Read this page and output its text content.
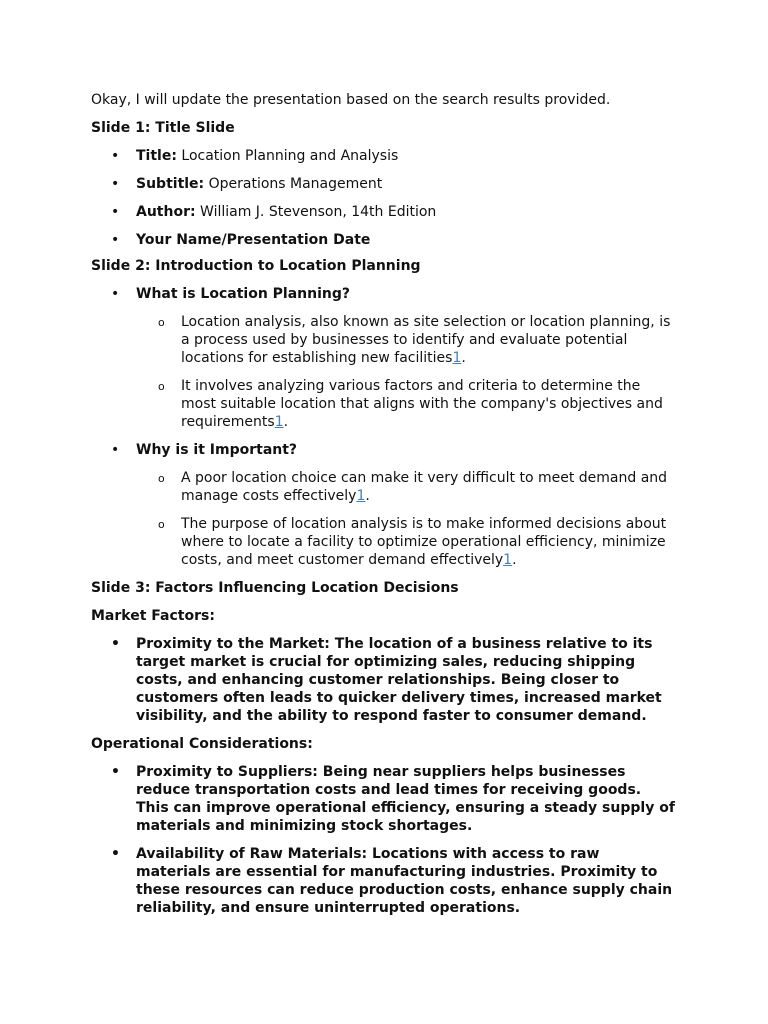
Okay, I will update the presentation based on the search results provided.

Slide 1: Title Slide

• Title: Location Planning and Analysis
• Subtitle: Operations Management
• Author: William J. Stevenson, 14th Edition
• Your Name/Presentation Date

Slide 2: Introduction to Location Planning

• What is Location Planning?
o Location analysis, also known as site selection or location planning, is a process used by businesses to identify and evaluate potential locations for establishing new facilities1.
o It involves analyzing various factors and criteria to determine the most suitable location that aligns with the company's objectives and requirements1.
• Why is it Important?
o A poor location choice can make it very difficult to meet demand and manage costs effectively1.
o The purpose of location analysis is to make informed decisions about where to locate a facility to optimize operational efficiency, minimize costs, and meet customer demand effectively1.

Slide 3: Factors Influencing Location Decisions

Market Factors:

• Proximity to the Market: The location of a business relative to its target market is crucial for optimizing sales, reducing shipping costs, and enhancing customer relationships. Being closer to customers often leads to quicker delivery times, increased market visibility, and the ability to respond faster to consumer demand.

Operational Considerations:

• Proximity to Suppliers: Being near suppliers helps businesses reduce transportation costs and lead times for receiving goods. This can improve operational efficiency, ensuring a steady supply of materials and minimizing stock shortages.
• Availability of Raw Materials: Locations with access to raw materials are essential for manufacturing industries. Proximity to these resources can reduce production costs, enhance supply chain reliability, and ensure uninterrupted operations.
